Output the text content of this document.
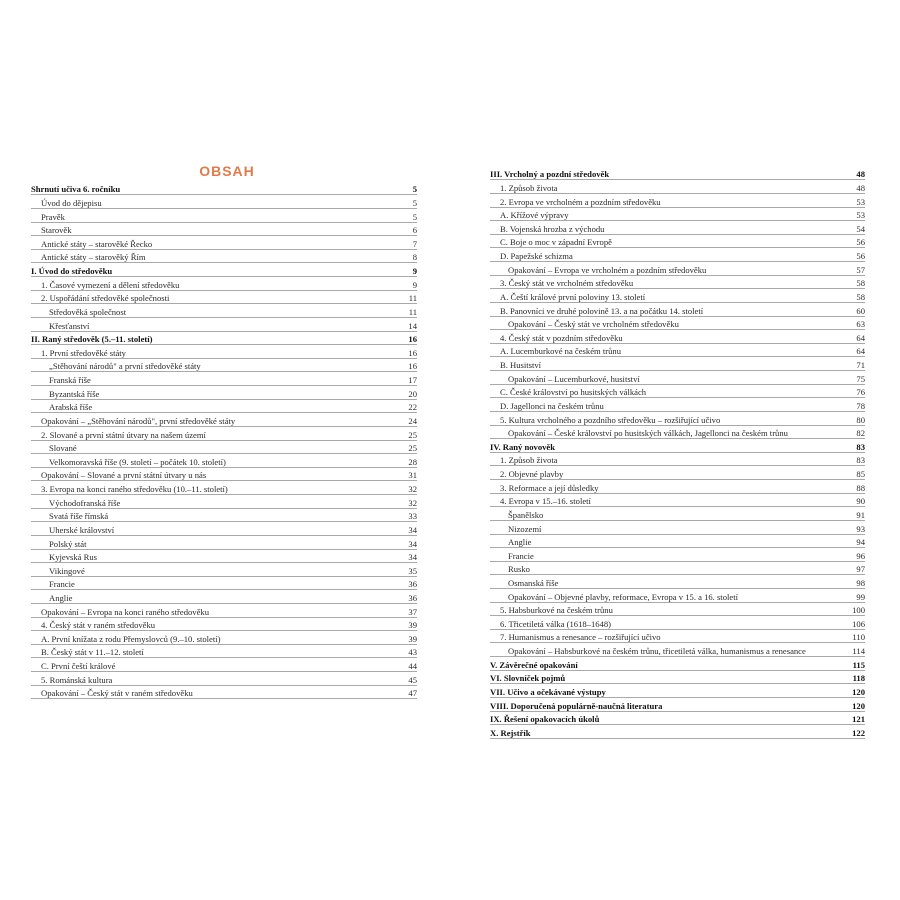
OBSAH
Shrnutí učiva 6. ročníku	5
Úvod do dějepisu	5
Pravěk	5
Starověk	6
Antické státy – starověké Řecko	7
Antické státy – starověký Řím	8
I. Úvod do středověku	9
1. Časové vymezení a dělení středověku	9
2. Uspořádání středověké společnosti	11
Středověká společnost	11
Křesťanství	14
II. Raný středověk (5.–11. století)	16
1. První středověké státy	16
„Stěhování národů" a první středověké státy	16
Franská říše	17
Byzantská říše	20
Arabská říše	22
Opakování – „Stěhování národů", první středověké státy	24
2. Slované a první státní útvary na našem území	25
Slované	25
Velkomoravská říše (9. století – počátek 10. století)	28
Opakování – Slované a první státní útvary u nás	31
3. Evropa na konci raného středověku (10.–11. století)	32
Východofranská říše	32
Svatá říše římská	33
Uherské království	34
Polský stát	34
Kyjevská Rus	34
Vikingové	35
Francie	36
Anglie	36
Opakování – Evropa na konci raného středověku	37
4. Český stát v raném středověku	39
A. První knížata z rodu Přemyslovců (9.–10. století)	39
B. Český stát v 11.–12. století	43
C. První čeští králové	44
5. Románská kultura	45
Opakování – Český stát v raném středověku	47
III. Vrcholný a pozdní středověk	48
1. Způsob života	48
2. Evropa ve vrcholném a pozdním středověku	53
A. Křížové výpravy	53
B. Vojenská hrozba z východu	54
C. Boje o moc v západní Evropě	56
D. Papežské schizma	56
Opakování – Evropa ve vrcholném a pozdním středověku	57
3. Český stát ve vrcholném středověku	58
A. Čeští králové první poloviny 13. století	58
B. Panovníci ve druhé polovině 13. a na počátku 14. století	60
Opakování – Český stát ve vrcholném středověku	63
4. Český stát v pozdním středověku	64
A. Lucemburkové na českém trůnu	64
B. Husitství	71
Opakování – Lucemburkové, husitství	75
C. České království po husitských válkách	76
D. Jagellonci na českém trůnu	78
5. Kultura vrcholného a pozdního středověku – rozšiřující učivo	80
Opakování – České království po husitských válkách, Jagellonci na českém trůnu	82
IV. Raný novověk	83
1. Způsob života	83
2. Objevné plavby	85
3. Reformace a její důsledky	88
4. Evropa v 15.–16. století	90
Španělsko	91
Nizozemí	93
Anglie	94
Francie	96
Rusko	97
Osmanská říše	98
Opakování – Objevné plavby, reformace, Evropa v 15. a 16. století	99
5. Habsburkové na českém trůnu	100
6. Třicetiletá válka (1618–1648)	106
7. Humanismus a renesance – rozšiřující učivo	110
Opakování – Habsburkové na českém trůnu, třicetiletá válka, humanismus a renesance	114
V. Závěrečné opakování	115
VI. Slovníček pojmů	118
VII. Učivo a očekávané výstupy	120
VIII. Doporučená populárně-naučná literatura	120
IX. Řešení opakovacích úkolů	121
X. Rejstřík	122
